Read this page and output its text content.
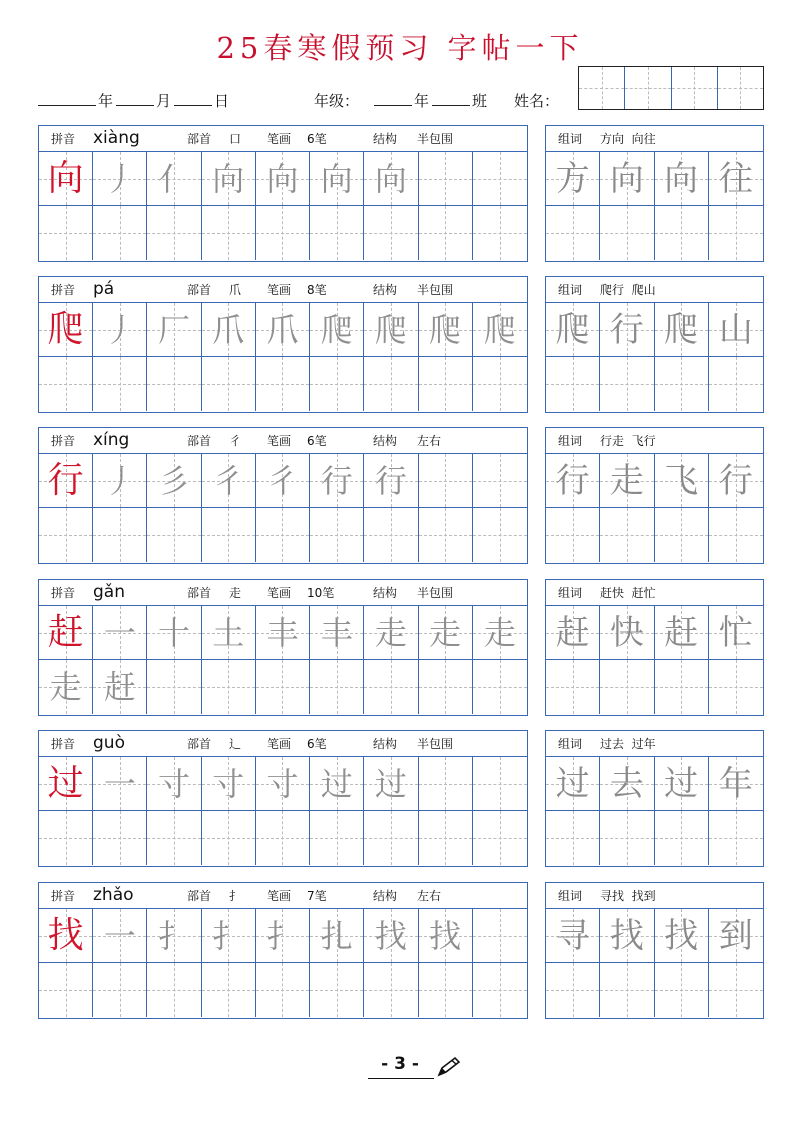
25春寒假预习 字帖一下
年	月	日	年级：	年	班 姓名：
拼音 xiàng	部首 口 笔画 6笔	结构 半包围
向 丿 亻 向 向 向 向
组词 方向  向往
方 向 向 往
拼音 pá	部首 爪 笔画 8笔	结构 半包围
爬 丿 厂 爪 爪 爬 爬 爬 爬
组词 爬行  爬山
爬 行 爬 山
拼音 xíng	部首 彳 笔画 6笔	结构 左右
行 丿 彡 彳 彳 行 行
组词 行走  飞行
行 走 飞 行
拼音 gǎn	部首 走 笔画 10笔	结构 半包围
赶 一 十 土 丰 丰 走 走 走
走 赶
组词 赶快  赶忙
赶 快 赶 忙
拼音 guò	部首 辶 笔画 6笔	结构 半包围
过 一 寸 寸 寸 过 过
组词 过去  过年
过 去 过 年
拼音 zhǎo	部首 扌 笔画 7笔	结构 左右
找 一 扌 扌 扌 扎 找 找
组词 寻找  找到
寻 找 找 到
- 3 -
